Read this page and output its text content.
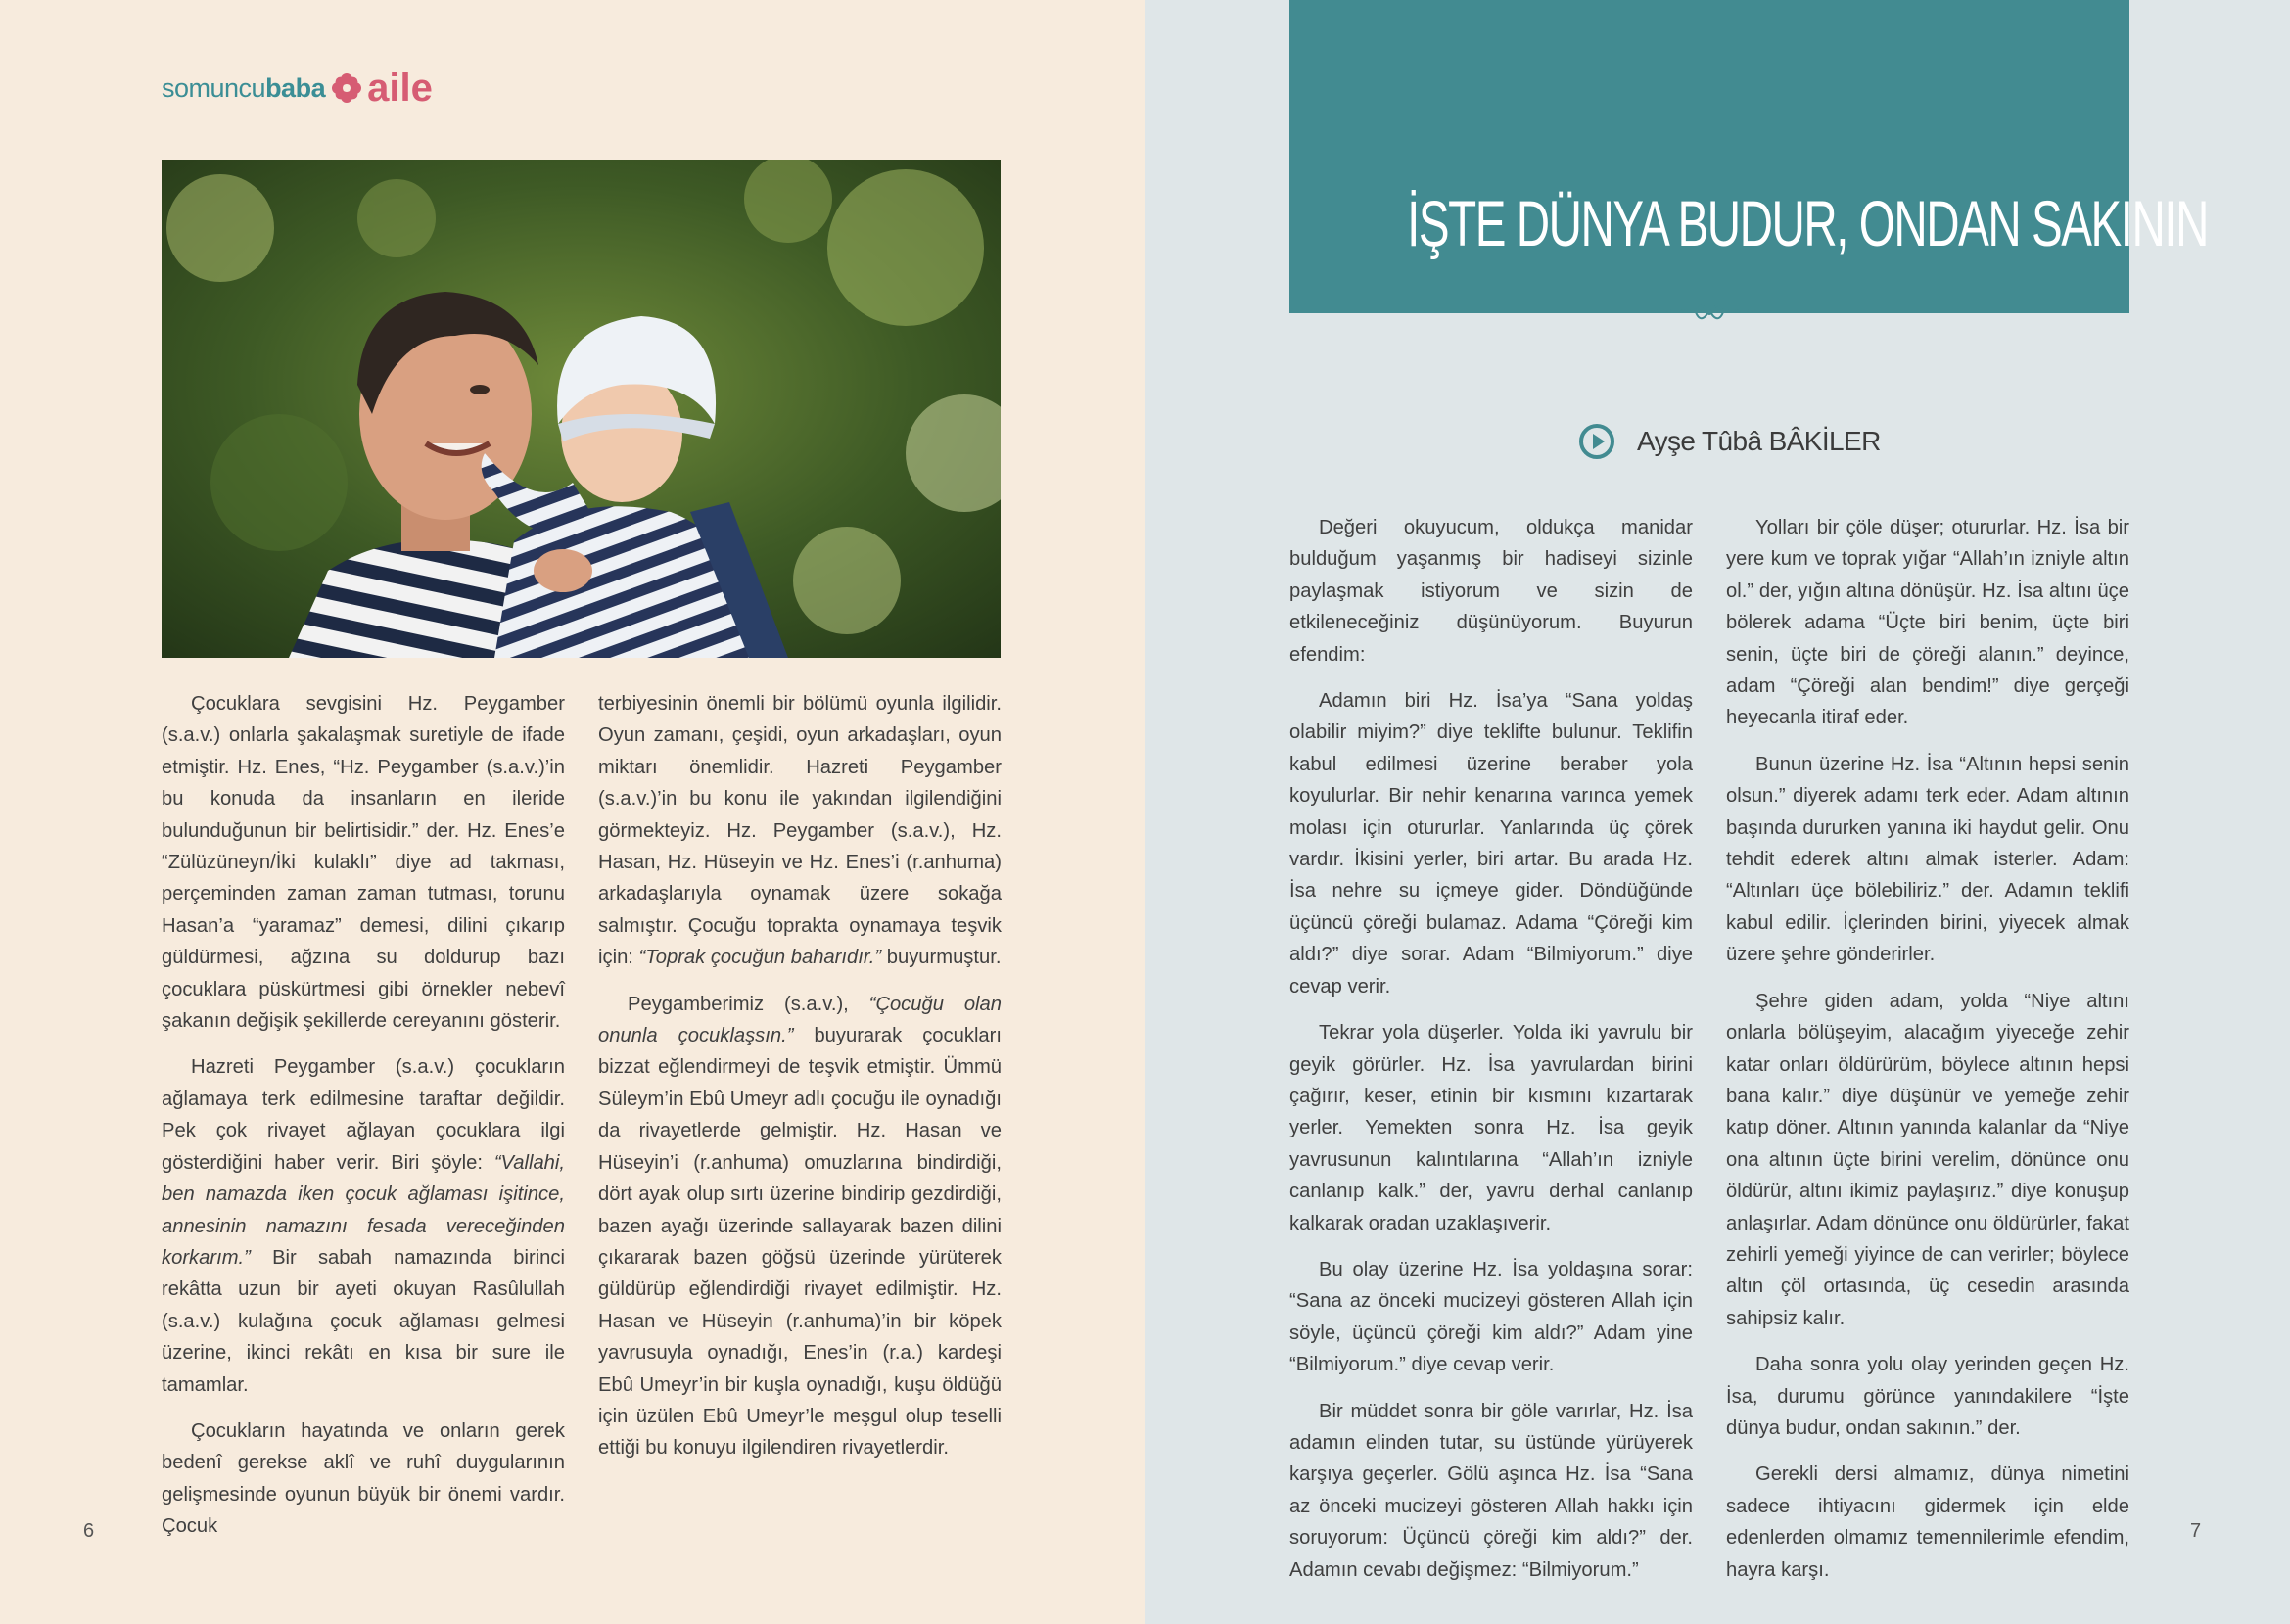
somuncu baba aile

Çocuklara sevgisini Hz. Peygamber (s.a.v.) onlarla şakalaşmak suretiyle de ifade etmiştir. Hz. Enes, “Hz. Peygamber (s.a.v.)’in bu konuda da insanların en ileride bulunduğunun bir belirtisidir.” der. Hz. Enes’e “Zülüzüneyn/İki kulaklı” diye ad takması, perçeminden zaman zaman tutması, torunu Hasan’a “yaramaz” demesi, dilini çıkarıp güldürmesi, ağzına su doldurup bazı çocuklara püskürtmesi gibi örnekler nebevî şakanın değişik şekillerde cereyanını gösterir.

Hazreti Peygamber (s.a.v.) çocukların ağlamaya terk edilmesine taraftar değildir. Pek çok rivayet ağlayan çocuklara ilgi gösterdiğini haber verir. Biri şöyle: “Vallahi, ben namazda iken çocuk ağlaması işitince, annesinin namazını fesada vereceğinden korkarım.” Bir sabah namazında birinci rekâtta uzun bir ayeti okuyan Rasûlullah (s.a.v.) kulağına çocuk ağlaması gelmesi üzerine, ikinci rekâtı en kısa bir sure ile tamamlar.

Çocukların hayatında ve onların gerek bedenî gerekse aklî ve ruhî duygularının gelişmesinde oyunun büyük bir önemi vardır. Çocuk

terbiyesinin önemli bir bölümü oyunla ilgilidir. Oyun zamanı, çeşidi, oyun arkadaşları, oyun miktarı önemlidir. Hazreti Peygamber (s.a.v.)’in bu konu ile yakından ilgilendiğini görmekteyiz. Hz. Peygamber (s.a.v.), Hz. Hasan, Hz. Hüseyin ve Hz. Enes’i (r.anhuma) arkadaşlarıyla oynamak üzere sokağa salmıştır. Çocuğu toprakta oynamaya teşvik için: “Toprak çocuğun baharıdır.” buyurmuştur.

Peygamberimiz (s.a.v.), “Çocuğu olan onunla çocuklaşsın.” buyurarak çocukları bizzat eğlendirmeyi de teşvik etmiştir. Ümmü Süleym’in Ebû Umeyr adlı çocuğu ile oynadığı da rivayetlerde gelmiştir. Hz. Hasan ve Hüseyin’i (r.anhuma) omuzlarına bindirdiği, dört ayak olup sırtı üzerine bindirip gezdirdiği, bazen ayağı üzerinde sallayarak bazen dilini çıkararak bazen göğsü üzerinde yürüterek güldürüp eğlendirdiği rivayet edilmiştir. Hz. Hasan ve Hüseyin (r.anhuma)’in bir köpek yavrusuyla oynadığı, Enes’in (r.a.) kardeşi Ebû Umeyr’in bir kuşla oynadığı, kuşu öldüğü için üzülen Ebû Umeyr’le meşgul olup teselli ettiği bu konuyu ilgilendiren rivayetlerdir.

6
İŞTE DÜNYA BUDUR, ONDAN SAKININ
Ayşe Tûbâ BÂKİLER

Değeri okuyucum, oldukça manidar bulduğum yaşanmış bir hadiseyi sizinle paylaşmak istiyorum ve sizin de etkileneceğiniz düşünüyorum. Buyurun efendim:

Adamın biri Hz. İsa’ya “Sana yoldaş olabilir miyim?” diye teklifte bulunur. Teklifin kabul edilmesi üzerine beraber yola koyulurlar. Bir nehir kenarına varınca yemek molası için otururlar. Yanlarında üç çörek vardır. İkisini yerler, biri artar. Bu arada Hz. İsa nehre su içmeye gider. Döndüğünde üçüncü çöreği bulamaz. Adama “Çöreği kim aldı?” diye sorar. Adam “Bilmiyorum.” diye cevap verir.

Tekrar yola düşerler. Yolda iki yavrulu bir geyik görürler. Hz. İsa yavrulardan birini çağırır, keser, etinin bir kısmını kızartarak yerler. Yemekten sonra Hz. İsa geyik yavrusunun kalıntılarına “Allah’ın izniyle canlanıp kalk.” der, yavru derhal canlanıp kalkarak oradan uzaklaşıverir.

Bu olay üzerine Hz. İsa yoldaşına sorar: “Sana az önceki mucizeyi gösteren Allah için söyle, üçüncü çöreği kim aldı?” Adam yine “Bilmiyorum.” diye cevap verir.

Bir müddet sonra bir göle varırlar, Hz. İsa adamın elinden tutar, su üstünde yürüyerek karşıya geçerler. Gölü aşınca Hz. İsa “Sana az önceki mucizeyi gösteren Allah hakkı için soruyorum: Üçüncü çöreği kim aldı?” der. Adamın cevabı değişmez: “Bilmiyorum.”

Yolları bir çöle düşer; otururlar. Hz. İsa bir yere kum ve toprak yığar “Allah’ın izniyle altın ol.” der, yığın altına dönüşür. Hz. İsa altını üçe bölerek adama “Üçte biri benim, üçte biri senin, üçte biri de çöreği alanın.” deyince, adam “Çöreği alan bendim!” diye gerçeği heyecanla itiraf eder.

Bunun üzerine Hz. İsa “Altının hepsi senin olsun.” diyerek adamı terk eder. Adam altının başında dururken yanına iki haydut gelir. Onu tehdit ederek altını almak isterler. Adam: “Altınları üçe bölebiliriz.” der. Adamın teklifi kabul edilir. İçlerinden birini, yiyecek almak üzere şehre gönderirler.

Şehre giden adam, yolda “Niye altını onlarla bölüşeyim, alacağım yiyeceğe zehir katar onları öldürürüm, böylece altının hepsi bana kalır.” diye düşünür ve yemeğe zehir katıp döner. Altının yanında kalanlar da “Niye ona altının üçte birini verelim, dönünce onu öldürür, altını ikimiz paylaşırız.” diye konuşup anlaşırlar. Adam dönünce onu öldürürler, fakat zehirli yemeği yiyince de can verirler; böylece altın çöl ortasında, üç cesedin arasında sahipsiz kalır.

Daha sonra yolu olay yerinden geçen Hz. İsa, durumu görünce yanındakilere “İşte dünya budur, ondan sakının.” der.

Gerekli dersi almamız, dünya nimetini sadece ihtiyacını gidermek için elde edenlerden olmamız temennilerimle efendim, hayra karşı.

7
